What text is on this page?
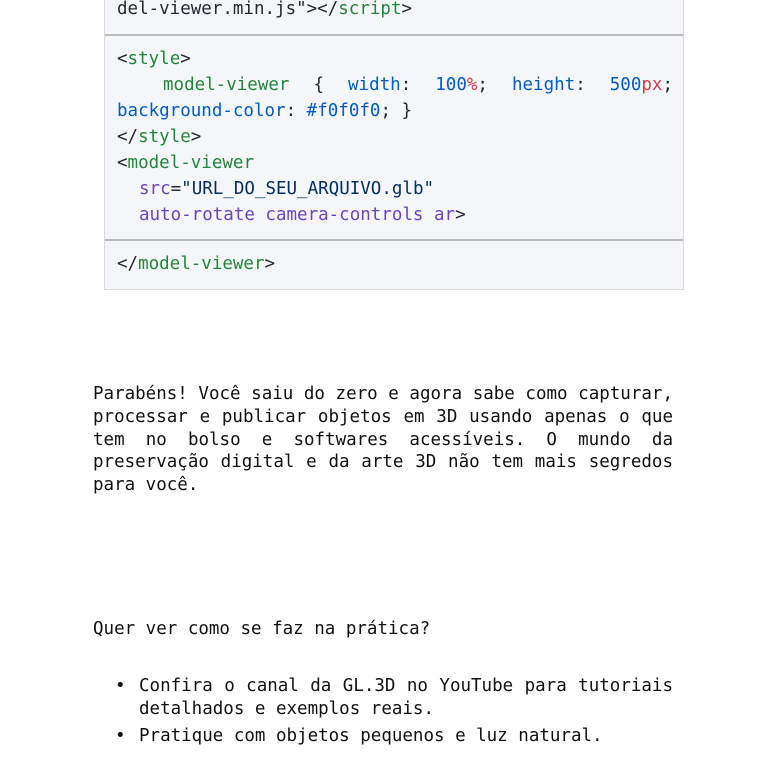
del-viewer.min.js"></script>
<style>
model-viewer { width: 100%; height: 500px;
background-color: #f0f0f0; }
</style>
<model-viewer
src="URL_DO_SEU_ARQUIVO.glb"
auto-rotate camera-controls ar>
</model-viewer>

Parabéns! Você saiu do zero e agora sabe como capturar, processar e publicar objetos em 3D usando apenas o que tem no bolso e softwares acessíveis. O mundo da preservação digital e da arte 3D não tem mais segredos para você.

Quer ver como se faz na prática?

• Confira o canal da GL.3D no YouTube para tutoriais detalhados e exemplos reais.
• Pratique com objetos pequenos e luz natural.
